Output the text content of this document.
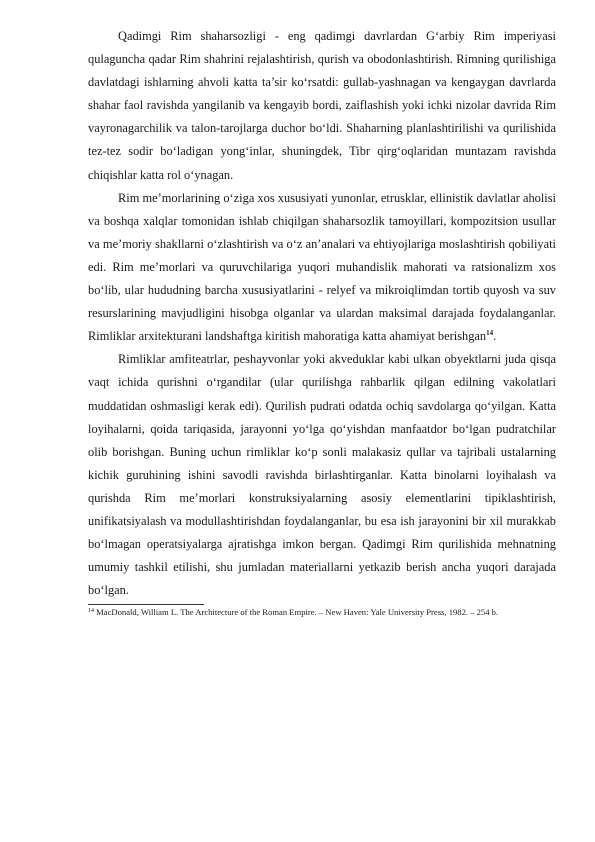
Qadimgi Rim shaharsozligi - eng qadimgi davrlardan G‘arbiy Rim imperiyasi qulaguncha qadar Rim shahrini rejalashtirish, qurish va obodonlashtirish. Rimning qurilishiga davlatdagi ishlarning ahvoli katta ta’sir ko‘rsatdi: gullab-yashnagan va kengaygan davrlarda shahar faol ravishda yangilanib va kengayib bordi, zaiflashish yoki ichki nizolar davrida Rim vayronagarchilik va talon-tarojlarga duchor bo‘ldi. Shaharning planlashtirilishi va qurilishida tez-tez sodir bo‘ladigan yong‘inlar, shuningdek, Tibr qirg‘oqlaridan muntazam ravishda chiqishlar katta rol o‘ynagan.

Rim me’morlarining o‘ziga xos xususiyati yunonlar, etrusklar, ellinistik davlatlar aholisi va boshqa xalqlar tomonidan ishlab chiqilgan shaharsozlik tamoyillari, kompozitsion usullar va me’moriy shakllarni o‘zlashtirish va o‘z an’analari va ehtiyojlariga moslashtirish qobiliyati edi. Rim me’morlari va quruvchilariga yuqori muhandislik mahorati va ratsionalizm xos bo‘lib, ular hududning barcha xususiyatlarini - relyef va mikroiqlimdan tortib quyosh va suv resurslarining mavjudligini hisobga olganlar va ulardan maksimal darajada foydalanganlar. Rimliklar arxitekturani landshaftga kiritish mahoratiga katta ahamiyat berishgan$^{14}$.

Rimliklar amfiteatrlar, peshayvonlar yoki akveduklar kabi ulkan obyektlarni juda qisqa vaqt ichida qurishni o‘rgandilar (ular qurilishga rahbarlik qilgan edilning vakolatlari muddatidan oshmasligi kerak edi). Qurilish pudrati odatda ochiq savdolarga qo‘yilgan. Katta loyihalarni, qoida tariqasida, jarayonni yo‘lga qo‘yishdan manfaatdor bo‘lgan pudratchilar olib borishgan. Buning uchun rimliklar ko‘p sonli malakasiz qullar va tajribali ustalarning kichik guruhining ishini savodli ravishda birlashtirganlar. Katta binolarni loyihalash va qurishda Rim me’morlari konstruksiyalarning asosiy elementlarini tipiklashtirish, unifikatsiyalash va modullashtirishdan foydalanganlar, bu esa ish jarayonini bir xil murakkab bo‘lmagan operatsiyalarga ajratishga imkon bergan. Qadimgi Rim qurilishida mehnatning umumiy tashkil etilishi, shu jumladan materiallarni yetkazib berish ancha yuqori darajada bo‘lgan.

$^{14}$ MacDonald, William L. The Architecture of the Roman Empire. – New Haven: Yale University Press, 1982. – 254 b.
